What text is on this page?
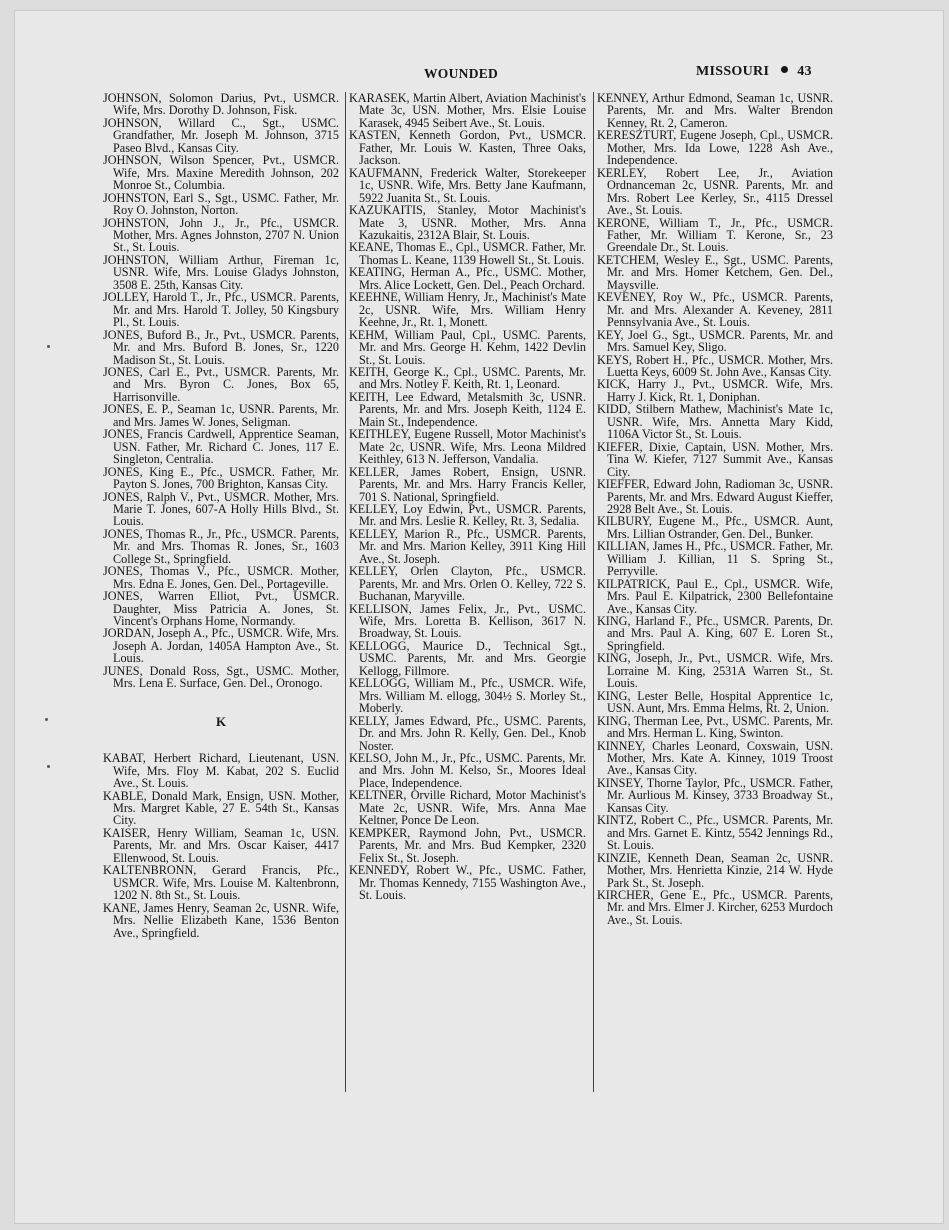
WOUNDED	MISSOURI 43

JOHNSON, Solomon Darius, Pvt., USMCR. Wife, Mrs. Dorothy D. Johnson, Fisk.

JOHNSON, Willard C., Sgt., USMC. Grandfather, Mr. Joseph M. Johnson, 3715 Paseo Blvd., Kansas City.

JOHNSON, Wilson Spencer, Pvt., USMCR. Wife, Mrs. Maxine Meredith Johnson, 202 Monroe St., Columbia.

JOHNSTON, Earl S., Sgt., USMC. Father, Mr. Roy O. Johnston, Norton.

JOHNSTON, John J., Jr., Pfc., USMCR. Mother, Mrs. Agnes Johnston, 2707 N. Union St., St. Louis.

JOHNSTON, William Arthur, Fireman 1c, USNR. Wife, Mrs. Louise Gladys Johnston, 3508 E. 25th, Kansas City.

JOLLEY, Harold T., Jr., Pfc., USMCR. Parents, Mr. and Mrs. Harold T. Jolley, 50 Kingsbury Pl., St. Louis.

JONES, Buford B., Jr., Pvt., USMCR. Parents, Mr. and Mrs. Buford B. Jones, Sr., 1220 Madison St., St. Louis.

JONES, Carl E., Pvt., USMCR. Parents, Mr. and Mrs. Byron C. Jones, Box 65, Harrisonville.

JONES, E. P., Seaman 1c, USNR. Parents, Mr. and Mrs. James W. Jones, Seligman.

JONES, Francis Cardwell, Apprentice Seaman, USN. Father, Mr. Richard C. Jones, 117 E. Singleton, Centralia.

JONES, King E., Pfc., USMCR. Father, Mr. Payton S. Jones, 700 Brighton, Kansas City.

JONES, Ralph V., Pvt., USMCR. Mother, Mrs. Marie T. Jones, 607-A Holly Hills Blvd., St. Louis.

JONES, Thomas R., Jr., Pfc., USMCR. Parents, Mr. and Mrs. Thomas R. Jones, Sr., 1603 College St., Springfield.

JONES, Thomas V., Pfc., USMCR. Mother, Mrs. Edna E. Jones, Gen. Del., Portageville.

JONES, Warren Elliot, Pvt., USMCR. Daughter, Miss Patricia A. Jones, St. Vincent's Orphans Home, Normandy.

JORDAN, Joseph A., Pfc., USMCR. Wife, Mrs. Joseph A. Jordan, 1405A Hampton Ave., St. Louis.

JUNES, Donald Ross, Sgt., USMC. Mother, Mrs. Lena E. Surface, Gen. Del., Oronogo.

K

KABAT, Herbert Richard, Lieutenant, USN. Wife, Mrs. Floy M. Kabat, 202 S. Euclid Ave., St. Louis.

KABLE, Donald Mark, Ensign, USN. Mother, Mrs. Margret Kable, 27 E. 54th St., Kansas City.

KAISER, Henry William, Seaman 1c, USN. Parents, Mr. and Mrs. Oscar Kaiser, 4417 Ellenwood, St. Louis.

KALTENBRONN, Gerard Francis, Pfc., USMCR. Wife, Mrs. Louise M. Kaltenbronn, 1202 N. 8th St., St. Louis.

KANE, James Henry, Seaman 2c, USNR. Wife, Mrs. Nellie Elizabeth Kane, 1536 Benton Ave., Springfield.

KARASEK, Martin Albert, Aviation Machinist's Mate 3c, USN. Mother, Mrs. Elsie Louise Karasek, 4945 Seibert Ave., St. Louis.

KASTEN, Kenneth Gordon, Pvt., USMCR. Father, Mr. Louis W. Kasten, Three Oaks, Jackson.

KAUFMANN, Frederick Walter, Storekeeper 1c, USNR. Wife, Mrs. Betty Jane Kaufmann, 5922 Juanita St., St. Louis.

KAZUKAITIS, Stanley, Motor Machinist's Mate 3, USNR. Mother, Mrs. Anna Kazukaitis, 2312A Blair, St. Louis.

KEANE, Thomas E., Cpl., USMCR. Father, Mr. Thomas L. Keane, 1139 Howell St., St. Louis.

KEATING, Herman A., Pfc., USMC. Mother, Mrs. Alice Lockett, Gen. Del., Peach Orchard.

KEEHNE, William Henry, Jr., Machinist's Mate 2c, USNR. Wife, Mrs. William Henry Keehne, Jr., Rt. 1, Monett.

KEHM, William Paul, Cpl., USMC. Parents, Mr. and Mrs. George H. Kehm, 1422 Devlin St., St. Louis.

KEITH, George K., Cpl., USMC. Parents, Mr. and Mrs. Notley F. Keith, Rt. 1, Leonard.

KEITH, Lee Edward, Metalsmith 3c, USNR. Parents, Mr. and Mrs. Joseph Keith, 1124 E. Main St., Independence.

KEITHLEY, Eugene Russell, Motor Machinist's Mate 2c, USNR. Wife, Mrs. Leona Mildred Keithley, 613 N. Jefferson, Vandalia.

KELLER, James Robert, Ensign, USNR. Parents, Mr. and Mrs. Harry Francis Keller, 701 S. National, Springfield.

KELLEY, Loy Edwin, Pvt., USMCR. Parents, Mr. and Mrs. Leslie R. Kelley, Rt. 3, Sedalia.

KELLEY, Marion R., Pfc., USMCR. Parents, Mr. and Mrs. Marion Kelley, 3911 King Hill Ave., St. Joseph.

KELLEY, Orlen Clayton, Pfc., USMCR. Parents, Mr. and Mrs. Orlen O. Kelley, 722 S. Buchanan, Maryville.

KELLISON, James Felix, Jr., Pvt., USMC. Wife, Mrs. Loretta B. Kellison, 3617 N. Broadway, St. Louis.

KELLOGG, Maurice D., Technical Sgt., USMC. Parents, Mr. and Mrs. Georgie Kellogg, Fillmore.

KELLOGG, William M., Pfc., USMCR. Wife, Mrs. William M. ellogg, 304½ S. Morley St., Moberly.

KELLY, James Edward, Pfc., USMC. Parents, Dr. and Mrs. John R. Kelly, Gen. Del., Knob Noster.

KELSO, John M., Jr., Pfc., USMC. Parents, Mr. and Mrs. John M. Kelso, Sr., Moores Ideal Place, Independence.

KELTNER, Orville Richard, Motor Machinist's Mate 2c, USNR. Wife, Mrs. Anna Mae Keltner, Ponce De Leon.

KEMPKER, Raymond John, Pvt., USMCR. Parents, Mr. and Mrs. Bud Kempker, 2320 Felix St., St. Joseph.

KENNEDY, Robert W., Pfc., USMC. Father, Mr. Thomas Kennedy, 7155 Washington Ave., St. Louis.

KENNEY, Arthur Edmond, Seaman 1c, USNR. Parents, Mr. and Mrs. Walter Brendon Kenney, Rt. 2, Cameron.

KERESZTURT, Eugene Joseph, Cpl., USMCR. Mother, Mrs. Ida Lowe, 1228 Ash Ave., Independence.

KERLEY, Robert Lee, Jr., Aviation Ordnanceman 2c, USNR. Parents, Mr. and Mrs. Robert Lee Kerley, Sr., 4115 Dressel Ave., St. Louis.

KERONE, William T., Jr., Pfc., USMCR. Father, Mr. William T. Kerone, Sr., 23 Greendale Dr., St. Louis.

KETCHEM, Wesley E., Sgt., USMC. Parents, Mr. and Mrs. Homer Ketchem, Gen. Del., Maysville.

KEVENEY, Roy W., Pfc., USMCR. Parents, Mr. and Mrs. Alexander A. Keveney, 2811 Pennsylvania Ave., St. Louis.

KEY, Joel G., Sgt., USMCR. Parents, Mr. and Mrs. Samuel Key, Sligo.

KEYS, Robert H., Pfc., USMCR. Mother, Mrs. Luetta Keys, 6009 St. John Ave., Kansas City.

KICK, Harry J., Pvt., USMCR. Wife, Mrs. Harry J. Kick, Rt. 1, Doniphan.

KIDD, Stilbern Mathew, Machinist's Mate 1c, USNR. Wife, Mrs. Annetta Mary Kidd, 1106A Victor St., St. Louis.

KIEFER, Dixie, Captain, USN. Mother, Mrs. Tina W. Kiefer, 7127 Summit Ave., Kansas City.

KIEFFER, Edward John, Radioman 3c, USNR. Parents, Mr. and Mrs. Edward August Kieffer, 2928 Belt Ave., St. Louis.

KILBURY, Eugene M., Pfc., USMCR. Aunt, Mrs. Lillian Ostrander, Gen. Del., Bunker.

KILLIAN, James H., Pfc., USMCR. Father, Mr. William J. Killian, 11 S. Spring St., Perryville.

KILPATRICK, Paul E., Cpl., USMCR. Wife, Mrs. Paul E. Kilpatrick, 2300 Bellefontaine Ave., Kansas City.

KING, Harland F., Pfc., USMCR. Parents, Dr. and Mrs. Paul A. King, 607 E. Loren St., Springfield.

KING, Joseph, Jr., Pvt., USMCR. Wife, Mrs. Lorraine M. King, 2531A Warren St., St. Louis.

KING, Lester Belle, Hospital Apprentice 1c, USN. Aunt, Mrs. Emma Helms, Rt. 2, Union.

KING, Therman Lee, Pvt., USMC. Parents, Mr. and Mrs. Herman L. King, Swinton.

KINNEY, Charles Leonard, Coxswain, USN. Mother, Mrs. Kate A. Kinney, 1019 Troost Ave., Kansas City.

KINSEY, Thorne Taylor, Pfc., USMCR. Father, Mr. Aurlious M. Kinsey, 3733 Broadway St., Kansas City.

KINTZ, Robert C., Pfc., USMCR. Parents, Mr. and Mrs. Garnet E. Kintz, 5542 Jennings Rd., St. Louis.

KINZIE, Kenneth Dean, Seaman 2c, USNR. Mother, Mrs. Henrietta Kinzie, 214 W. Hyde Park St., St. Joseph.

KIRCHER, Gene E., Pfc., USMCR. Parents, Mr. and Mrs. Elmer J. Kircher, 6253 Murdoch Ave., St. Louis.
